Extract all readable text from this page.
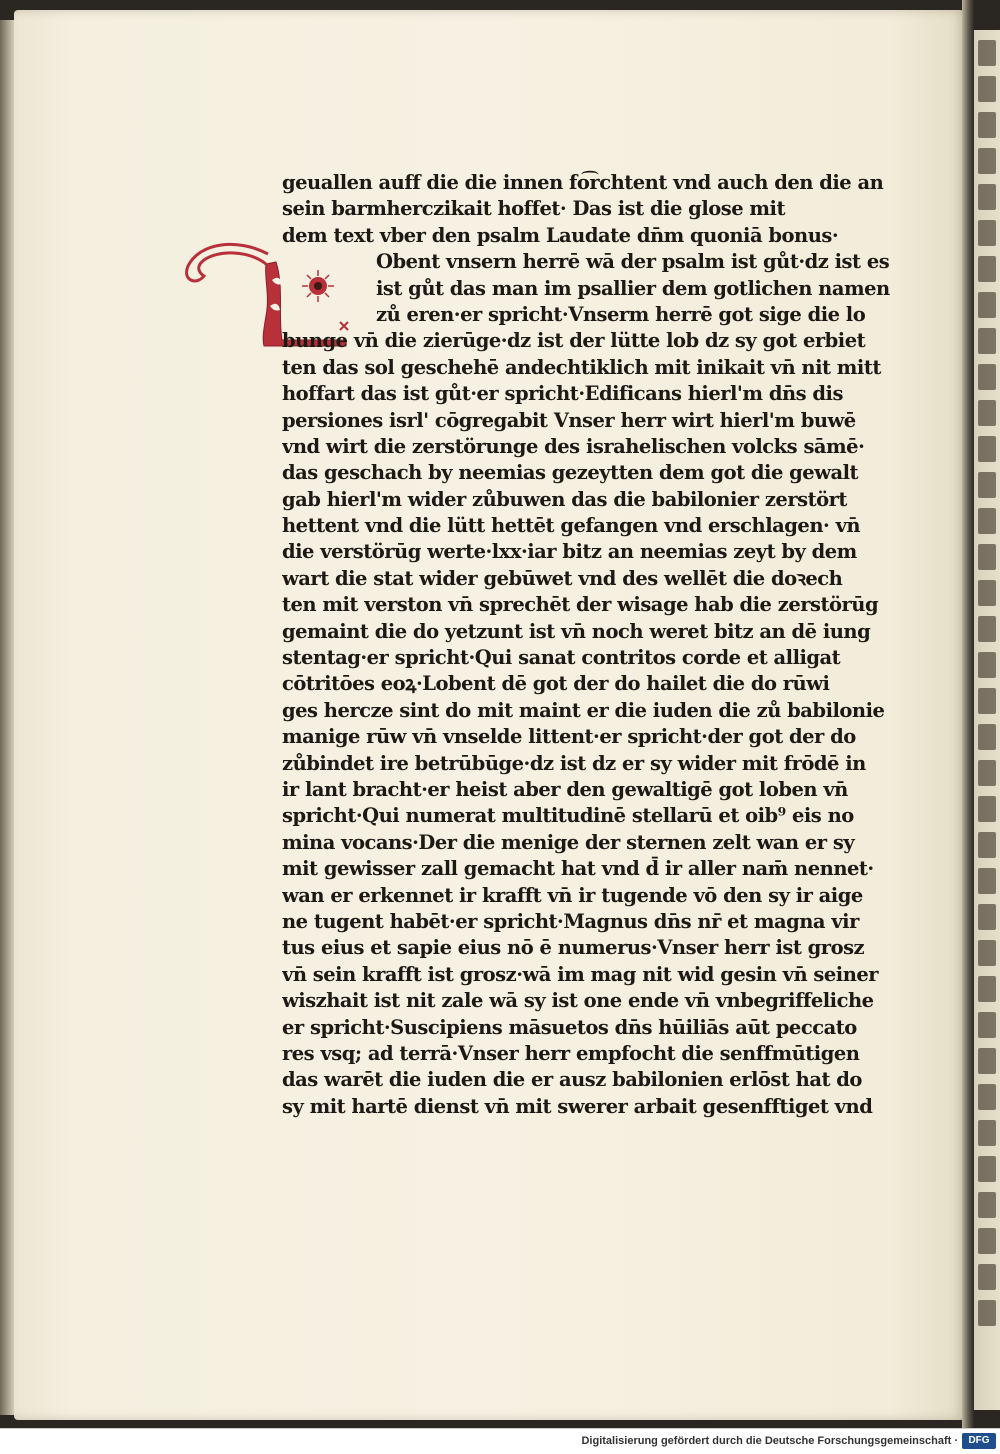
geuallen auff die die innen fo͡rchtent vnd auch den die an
sein barmherczikait hoffet· Das ist die glose mit
dem text vber den psalm Laudate dn̄m quoniā bonus·
Obent vnsern herrē wā der psalm ist gůt·dz ist es
ist gůt das man im psallier dem gotlichen namen
zů eren·er spricht·Vnserm herrē got sige die lo
bunge vn̄ die zierūge·dz ist der lütte lob dz sy got erbiet
ten das sol geschehē andechtiklich mit inikait vn̄ nit mitt
hoffart das ist gůt·er spricht·Edificans hierl'm dn̄s dis
persiones isrl' cōgregabit Vnser herr wirt hierl'm buwē
vnd wirt die zerstörunge des israhelischen volcks sāmē·
das geschach by neemias gezeytten dem got die gewalt
gab hierl'm wider zůbuwen das die babilonier zerstört
hettent vnd die lütt hettēt gefangen vnd erschlagen· vn̄
die verstörūg werte·lxx·iar bitz an neemias zeyt by dem
wart die stat wider gebūwet vnd des wellēt die doꝛech
ten mit verston vn̄ sprechēt der wisage hab die zerstörūg
gemaint die do yetzunt ist vn̄ noch weret bitz an dē iung
stentag·er spricht·Qui sanat contritos corde et alligat
cōtritōes eoꝝ·Lobent dē got der do hailet die do rūwi
ges hercze sint do mit maint er die iuden die zů babilonie
manige rūw vn̄ vnselde littent·er spricht·der got der do
zůbindet ire betrūbūge·dz ist dz er sy wider mit frōdē in
ir lant bracht·er heist aber den gewaltigē got loben vn̄
spricht·Qui numerat multitudinē stellarū et oib⁹ eis no
mina vocans·Der die menige der sternen zelt wan er sy
mit gewisser zall gemacht hat vnd d̄ ir aller nam̄ nennet·
wan er erkennet ir krafft vn̄ ir tugende vō den sy ir aige
ne tugent habēt·er spricht·Magnus dn̄s nr̄ et magna vir
tus eius et sapie eius nō ē numerus·Vnser herr ist grosz
vn̄ sein krafft ist grosz·wā im mag nit wid gesin vn̄ seiner
wiszhait ist nit zale wā sy ist one ende vn̄ vnbegriffeliche
er spricht·Suscipiens māsuetos dn̄s hūiliās aūt peccato
res vsq; ad terrā·Vnser herr empfocht die senffmūtigen
das warēt die iuden die er ausz babilonien erlōst hat do
sy mit hartē dienst vn̄ mit swerer arbait gesenfftiget vnd
Digitalisierung gefördert durch die Deutsche Forschungsgemeinschaft ·	DFG
